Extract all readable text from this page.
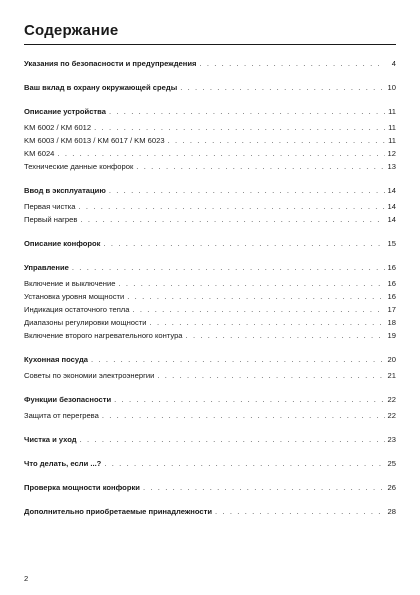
Содержание
Указания по безопасности и предупреждения . . .	4
Ваш вклад в охрану окружающей среды . . .	10
Описание устройства . . .	11
KM 6002 / KM 6012 . . .	11
KM 6003 / KM 6013 / KM 6017 / KM 6023 . . .	11
KM 6024 . . .	12
Технические данные конфорок . . .	13
Ввод в эксплуатацию . . .	14
Первая чистка . . .	14
Первый нагрев . . .	14
Описание конфорок . . .	15
Управление . . .	16
Включение и выключение . . .	16
Установка уровня мощности . . .	16
Индикация остаточного тепла . . .	17
Диапазоны регулировки мощности . . .	18
Включение второго нагревательного контура . . .	19
Кухонная посуда . . .	20
Советы по экономии электроэнергии . . .	21
Функции безопасности . . .	22
Защита от перегрева . . .	22
Чистка и уход . . .	23
Что делать, если ...? . . .	25
Проверка мощности конфорки . . .	26
Дополнительно приобретаемые принадлежности . . .	28
2
